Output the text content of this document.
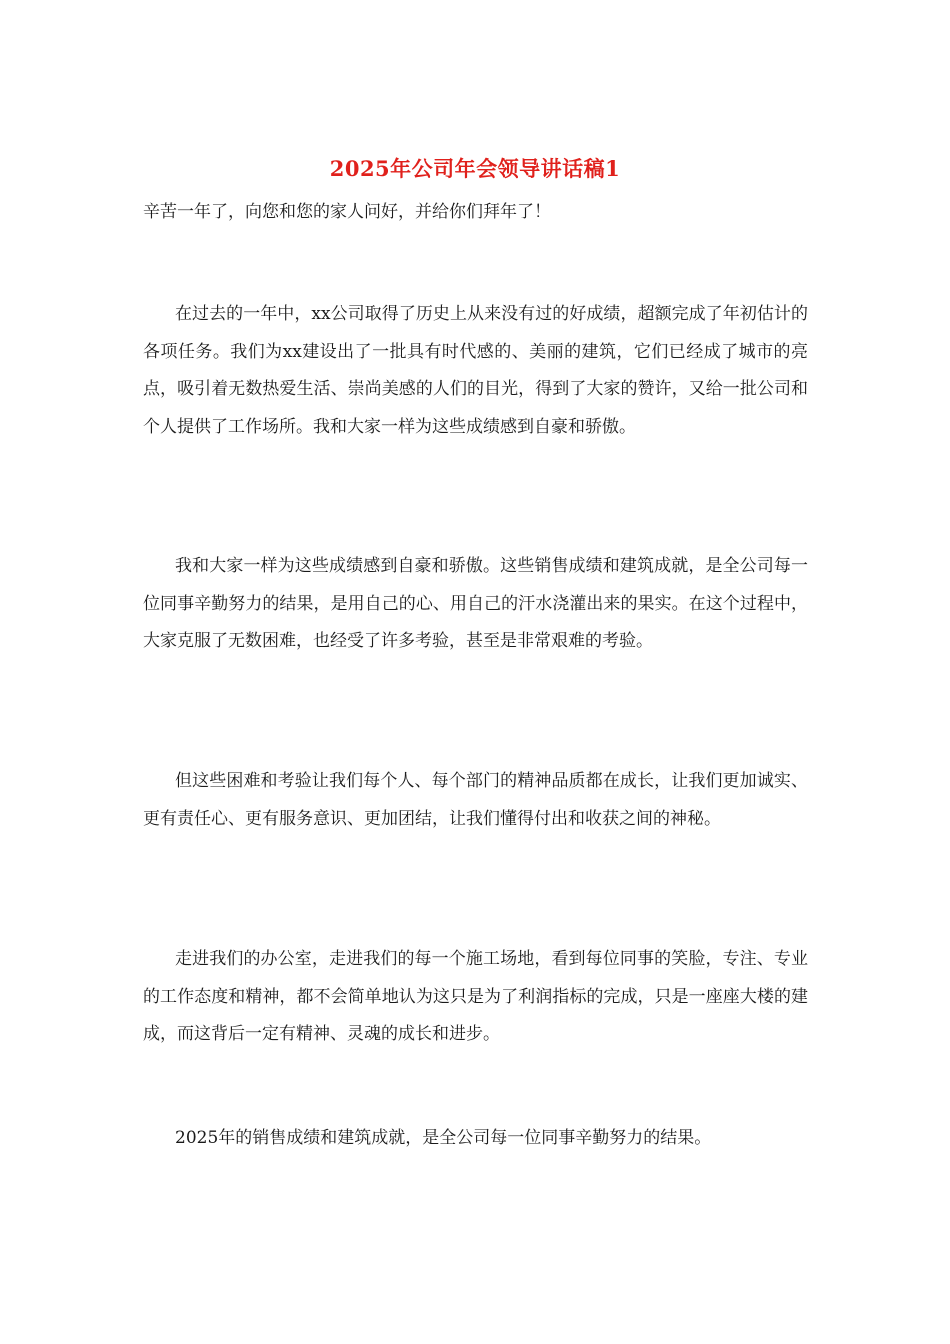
2025年公司年会领导讲话稿1
辛苦一年了，向您和您的家人问好，并给你们拜年了！

在过去的一年中，xx公司取得了历史上从来没有过的好成绩，超额完成了年初估计的各项任务。我们为xx建设出了一批具有时代感的、美丽的建筑，它们已经成了城市的亮点，吸引着无数热爱生活、崇尚美感的人们的目光，得到了大家的赞许，又给一批公司和个人提供了工作场所。我和大家一样为这些成绩感到自豪和骄傲。

我和大家一样为这些成绩感到自豪和骄傲。这些销售成绩和建筑成就，是全公司每一位同事辛勤努力的结果，是用自己的心、用自己的汗水浇灌出来的果实。在这个过程中，大家克服了无数困难，也经受了许多考验，甚至是非常艰难的考验。

但这些困难和考验让我们每个人、每个部门的精神品质都在成长，让我们更加诚实、更有责任心、更有服务意识、更加团结，让我们懂得付出和收获之间的神秘。

走进我们的办公室，走进我们的每一个施工场地，看到每位同事的笑脸，专注、专业的工作态度和精神，都不会简单地认为这只是为了利润指标的完成，只是一座座大楼的建成，而这背后一定有精神、灵魂的成长和进步。

2025年的销售成绩和建筑成就，是全公司每一位同事辛勤努力的结果。
